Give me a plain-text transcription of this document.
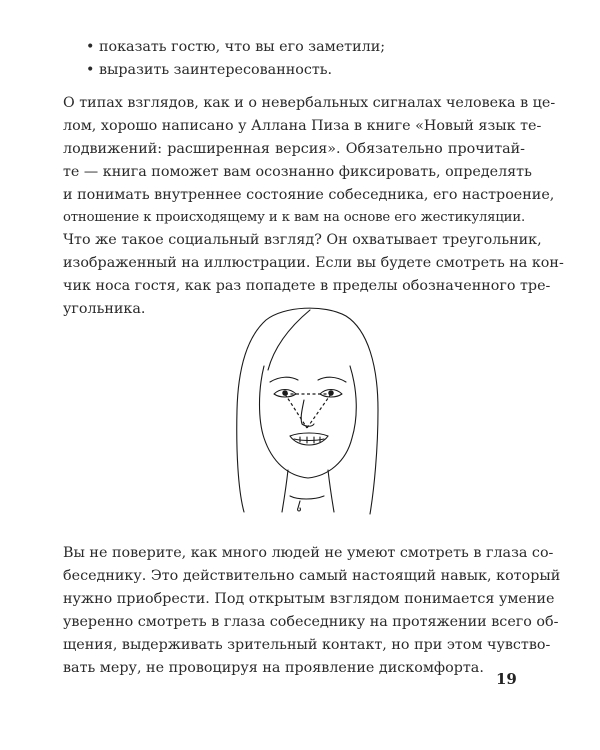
• показать гостю, что вы его заметили;
• выразить заинтересованность.
О типах взглядов, как и о невербальных сигналах человека в це-
лом, хорошо написано у Аллана Пиза в книге «Новый язык те-
лодвижений: расширенная версия». Обязательно прочитай-
те — книга поможет вам осознанно фиксировать, определять
и понимать внутреннее состояние собеседника, его настроение,
отношение к происходящему и к вам на основе его жестикуляции.
Что же такое социальный взгляд? Он охватывает треугольник,
изображенный на иллюстрации. Если вы будете смотреть на кон-
чик носа гостя, как раз попадете в пределы обозначенного тре-
угольника.
Вы не поверите, как много людей не умеют смотреть в глаза со-
беседнику. Это действительно самый настоящий навык, который
нужно приобрести. Под открытым взглядом понимается умение
уверенно смотреть в глаза собеседнику на протяжении всего об-
щения, выдерживать зрительный контакт, но при этом чувство-
вать меру, не провоцируя на проявление дискомфорта.
19
